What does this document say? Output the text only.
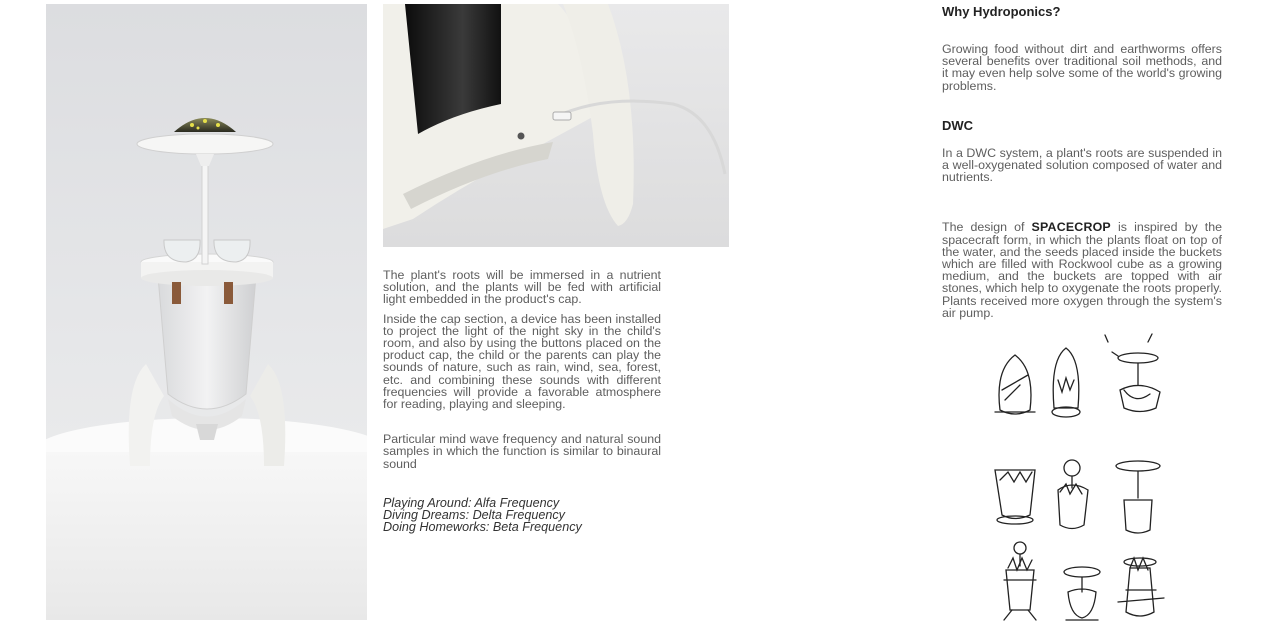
The plant's roots will be immersed in a nutrient solution, and the plants will be fed with artificial light embedded in the product's cap.

Inside the cap section, a device has been installed to project the light of the night sky in the child's room, and also by using the buttons placed on the product cap, the child or the parents can play the sounds of nature, such as rain, wind, sea, forest, etc. and combining these sounds with different frequencies will provide a favorable atmosphere for reading, playing and sleeping.

Particular mind wave frequency and natural sound samples in which the function is similar to binaural sound

Playing Around: Alfa Frequency
Diving Dreams: Delta Frequency
Doing Homeworks: Beta Frequency

Why Hydroponics?

Growing food without dirt and earthworms offers several benefits over traditional soil methods, and it may even help solve some of the world's growing problems.

DWC

In a DWC system, a plant's roots are suspended in a well-oxygenated solution composed of water and nutrients.

The design of SPACECROP is inspired by the spacecraft form, in which the plants float on top of the water, and the seeds placed inside the buckets which are filled with Rockwool cube as a growing medium, and the buckets are topped with air stones, which help to oxygenate the roots properly. Plants received more oxygen through the system's air pump.
